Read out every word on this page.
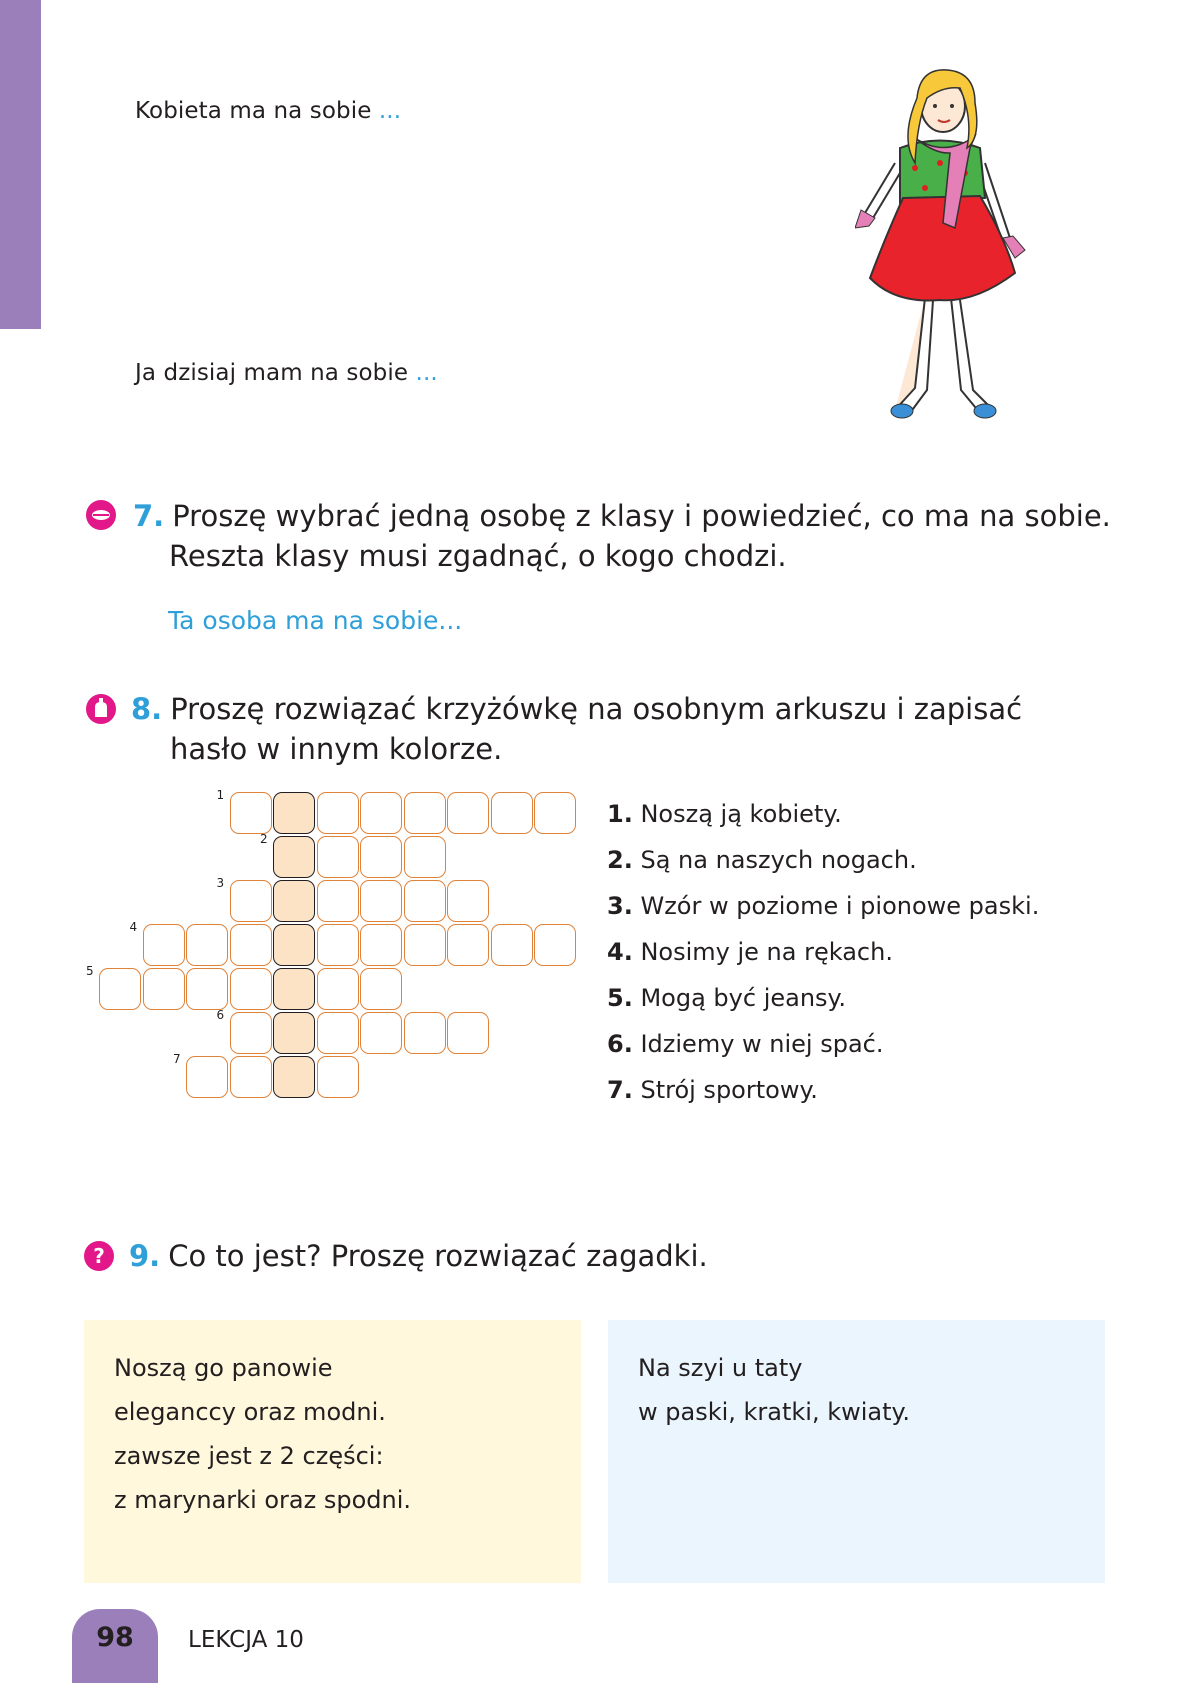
Kobieta ma na sobie ...
Ja dzisiaj mam na sobie ...
7. Proszę wybrać jedną osobę z klasy i powiedzieć, co ma na sobie.
Reszta klasy musi zgadnąć, o kogo chodzi.
Ta osoba ma na sobie...
8. Proszę rozwiązać krzyżówkę na osobnym arkuszu i zapisać
hasło w innym kolorze.
1
2
3
4
5
6
7
1. Noszą ją kobiety.
2. Są na naszych nogach.
3. Wzór w poziome i pionowe paski.
4. Nosimy je na rękach.
5. Mogą być jeansy.
6. Idziemy w niej spać.
7. Strój sportowy.
? 9. Co to jest? Proszę rozwiązać zagadki.
Noszą go panowie
eleganccy oraz modni.
zawsze jest z 2 części:
z marynarki oraz spodni.
Na szyi u taty
w paski, kratki, kwiaty.
98	LEKCJA 10
